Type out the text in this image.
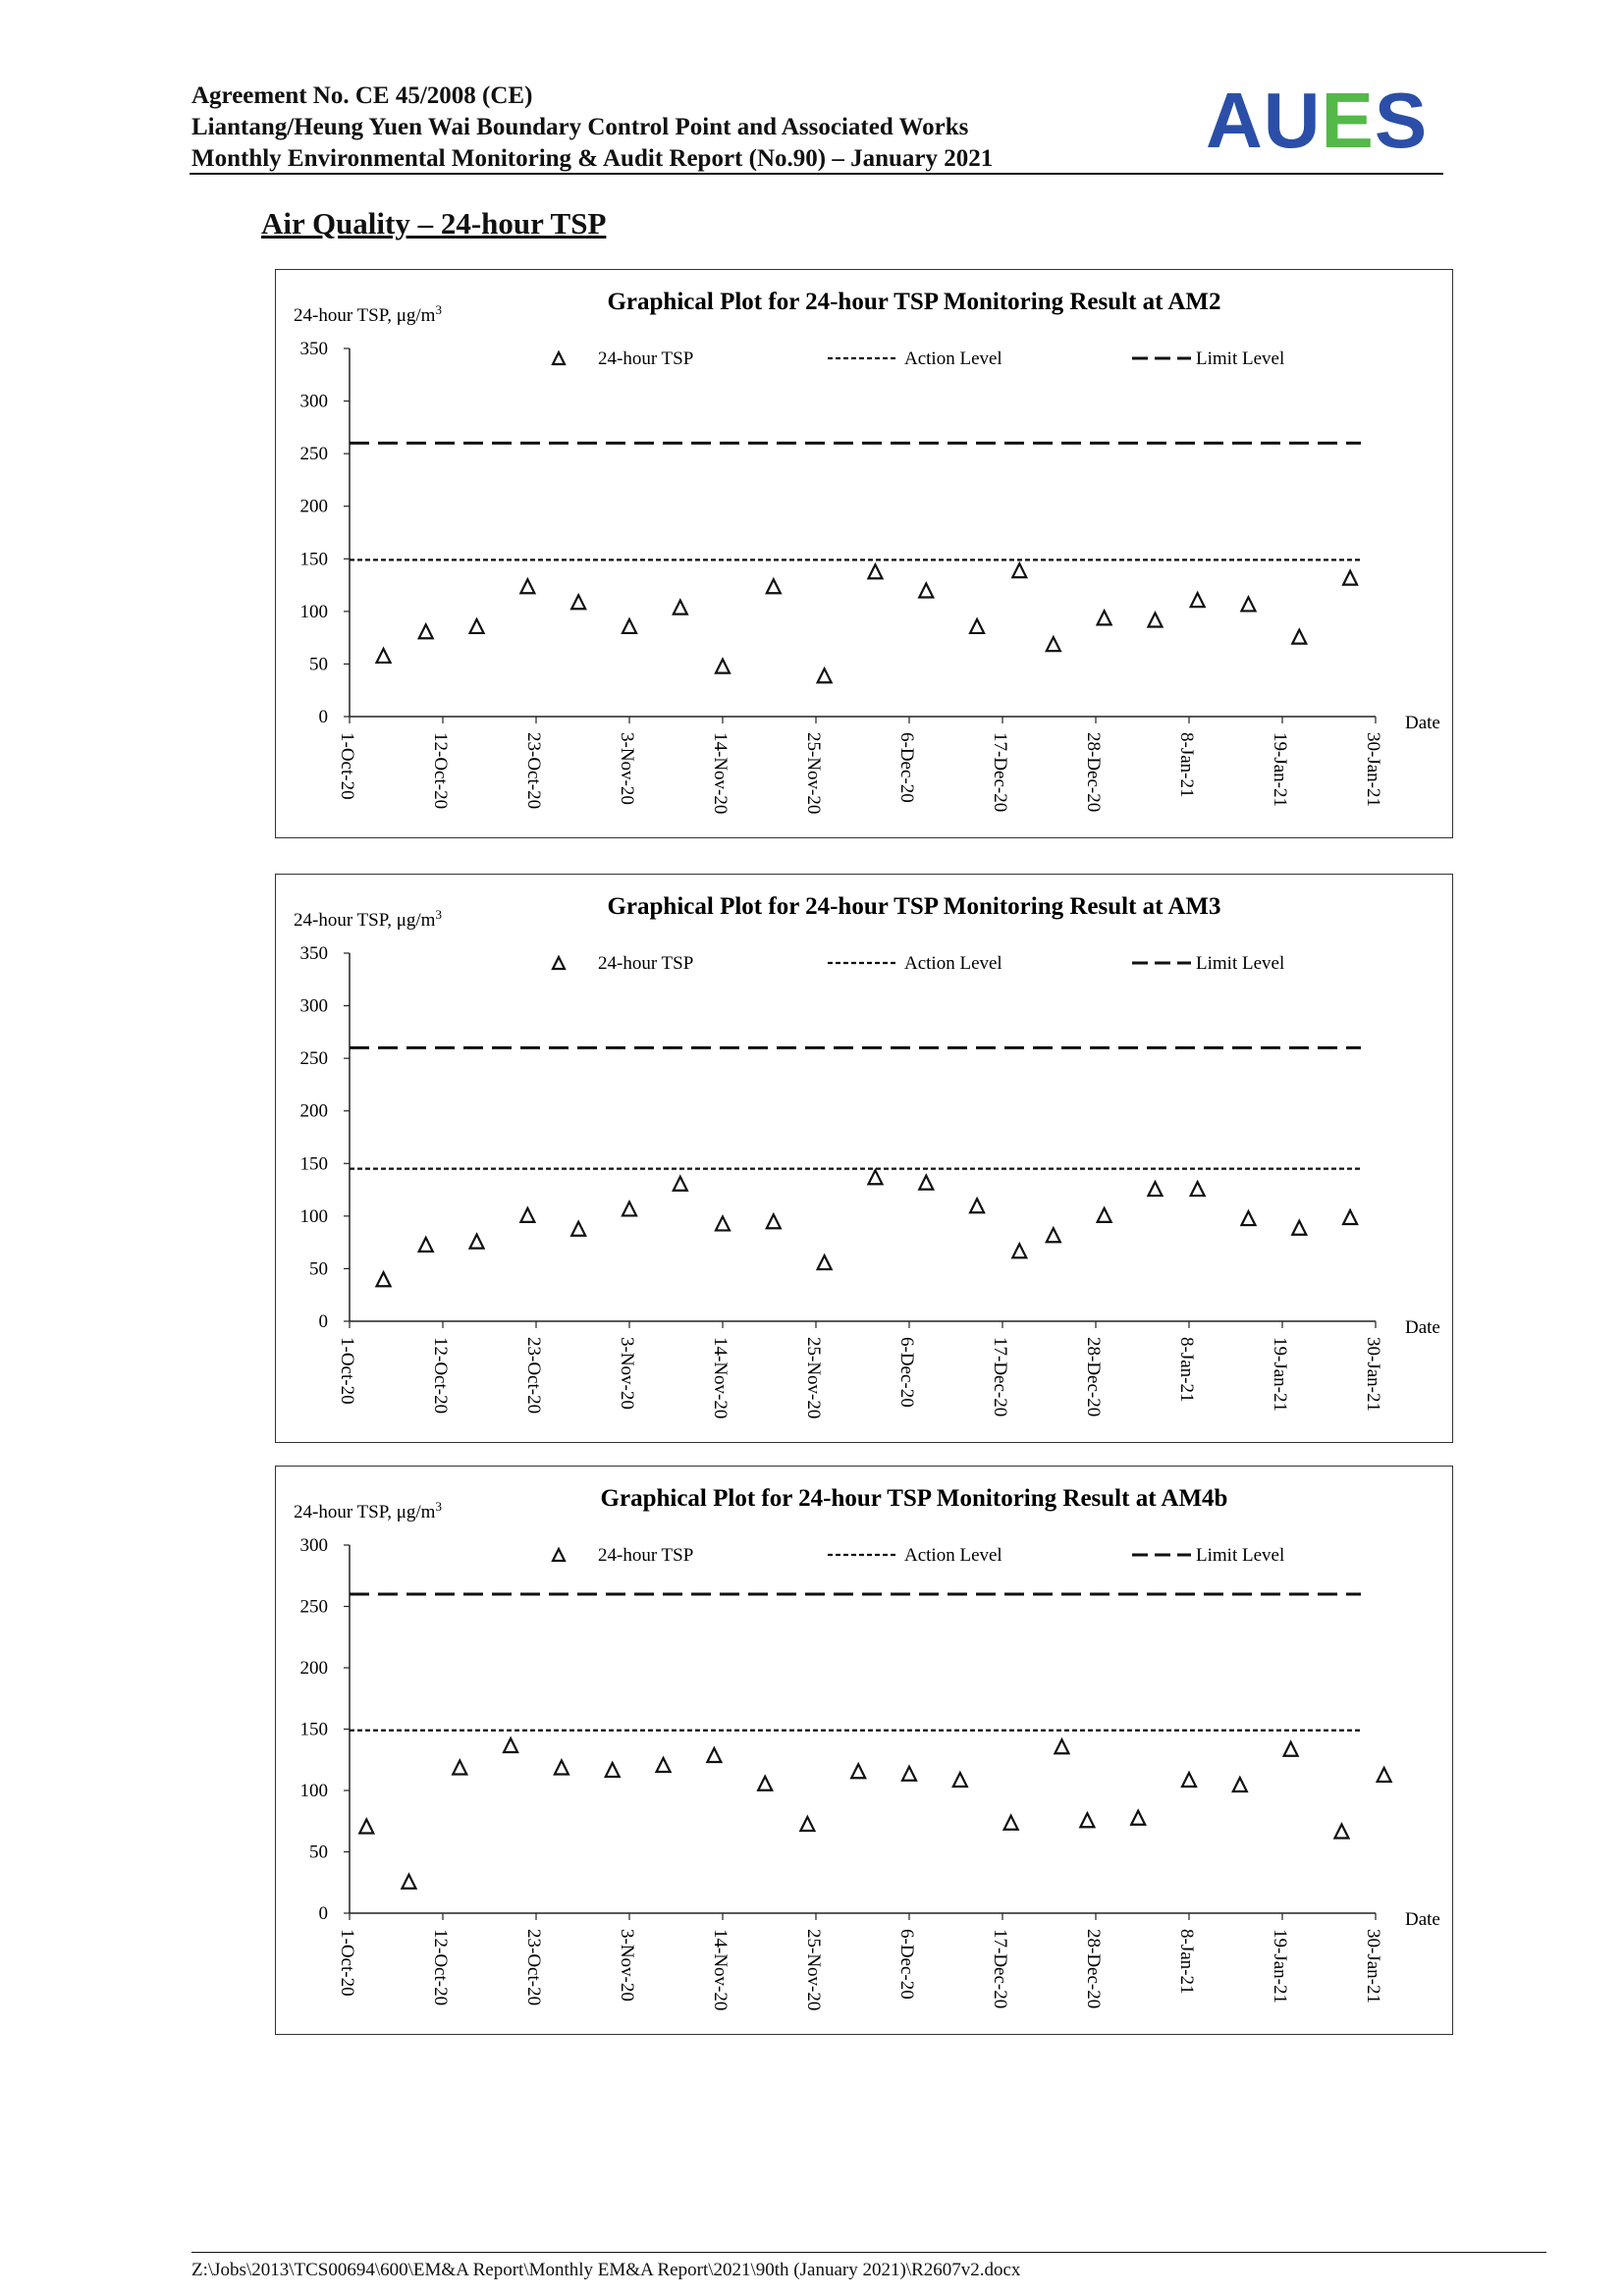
Agreement No. CE 45/2008 (CE)
Liantang/Heung Yuen Wai Boundary Control Point and Associated Works
Monthly Environmental Monitoring & Audit Report (No.90) – January 2021	AUES
Air Quality – 24-hour TSP
Graphical Plot for 24-hour TSP Monitoring Result at AM2
24-hour TSP, $\mu g/m^3$
0
50
100
150
200
250
300
350
1-Oct-20	12-Oct-20	23-Oct-20	3-Nov-20	14-Nov-20	25-Nov-20	6-Dec-20	17-Dec-20	28-Dec-20	8-Jan-21	19-Jan-21	30-Jan-21
Date
24-hour TSP	Action Level	Limit Level
Graphical Plot for 24-hour TSP Monitoring Result at AM3
24-hour TSP, $\mu g/m^3$
0
50
100
150
200
250
300
350
1-Oct-20	12-Oct-20	23-Oct-20	3-Nov-20	14-Nov-20	25-Nov-20	6-Dec-20	17-Dec-20	28-Dec-20	8-Jan-21	19-Jan-21	30-Jan-21
Date
24-hour TSP	Action Level	Limit Level
Graphical Plot for 24-hour TSP Monitoring Result at AM4b
24-hour TSP, $\mu g/m^3$
0
50
100
150
200
250
300
1-Oct-20	12-Oct-20	23-Oct-20	3-Nov-20	14-Nov-20	25-Nov-20	6-Dec-20	17-Dec-20	28-Dec-20	8-Jan-21	19-Jan-21	30-Jan-21
Date
24-hour TSP	Action Level	Limit Level
Z:\Jobs\2013\TCS00694\600\EM&A Report\Monthly EM&A Report\2021\90th (January 2021)\R2607v2.docx
